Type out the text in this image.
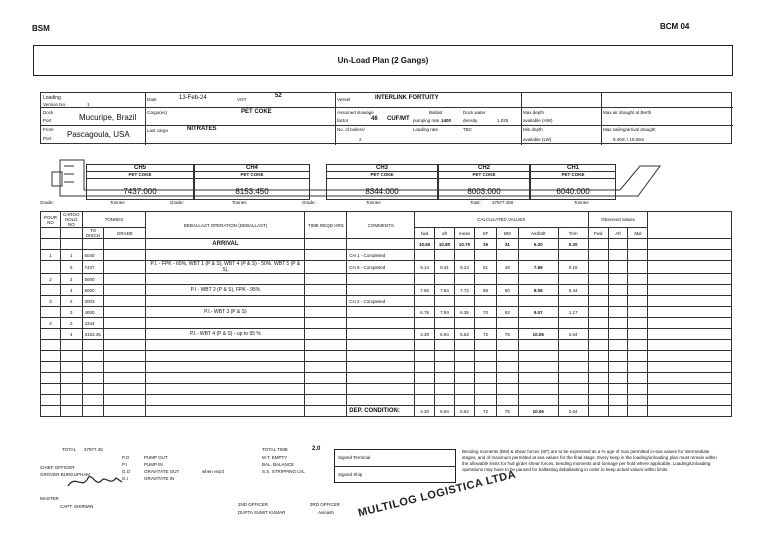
BSM	BCM 04
Un-Load Plan (2 Gangs)
Loading
Version No.	1
Dock
Port	Mucuripe, Brazil
From
Port Pascagoula, USA
Date	13-Feb-24	VOY
52
Cargo(es)	PET COKE
Last cargo	NITRATES
Vessel	INTERLINK FORTUITY
Assumed stowage
factor	46 CUF/MT
Ballast
pumping rate 1400
Dock water
density	1.025
No. of boilers/
2
Loading rate	TBC
Max depth
available (HW)
Min depth
available (LW)
Max air draught at Berth
Max sailing/arrival draught
9.40m / 10.80m
CH5
PET COKE
7437.000
CH4
PET COKE
8153.450
CH3
PET COKE
8344.000
CH2
PET COKE
8003.000
CH1
PET COKE
6040.000
Grade:	Tonnes	Grade:	Tonnes	Grade:	Tonnes	Total : 37977.450	Tonnes
POUR NO	CARGO HOLD NO	TONNES		DEBALLAST OPERATION (DEBALLAST)	TIME REQD HRS	COMMENTS	CALCULATED VALUES							Observed values			
		TO DISCH	GRADE				fwd	aft	mean	SF	BM	Airdraft	Trim	Fwd	Aft	Mid	
				ARRIVAL			10.60	10.80	10.70	19	31	6.20	0.20				
1	1	6040				CH 1 - Completed											
	5	7437		P.I. - FPK - 60%, WBT 1 (P & S), WBT 4 (P & S) - 50%, WBT 5 (P & S),		CH 5 - Completed	9.14	9.31	9.24	51	49	7.69	0.15				
2	2	5000															
	4	5000		P.I - WBT 2 (P & S), FPK - 95%			7.60	7.84	7.72	58	50	9.06	0.44				
3	2	3003				CH 2 - Completed											
	3	4000		P.I.- WBT 3 (P & S)			6.76	7.93	6.35	70	82	9.07	1.17				
4	3	4344															
	4	3153.45		P.I.- WBT 4 (P & S) - up to 95 %			4.30	6.94	5.62	72	75	10.06	2.64				

						DEP. CONDITION:	4.30	6.94	5.62	72	75	10.06	2.64				
TOTAL 37977.45	TOTAL TIME	2.0
P.O	PUMP OUT
P.I	PUMP IN
G.O	GRAVITATE OUT
G.I	GRAVITATE IN
M.T. EMPTY
BAL. BALANCE
S.S. STRIPPING LVL
when req'd
CHIEF OFFICER
GROVER BURGUPHAM
Signed Terminal
Signed Ship
Bending moments (BM) & shear forces (SF) are to be expressed as a % age of max permitted in-sea values for intermediate stages, and of maximum permitted at sea values for the final stage. Every keep in the loading/unloading plan must remain within the allowable limits for hull girder shear forces, bending moments and tonnage per hold where applicable. Loading/Unloading operations may have to be paused for ballasting deballasting in order to keep actual values within limits
MASTER
CAPT. SHIRWIN	2ND OFFICER
DUPTA SUMIT KUMAR
3RD OFFICER
Avinash MULTILOG LOGISTICA LTDA
